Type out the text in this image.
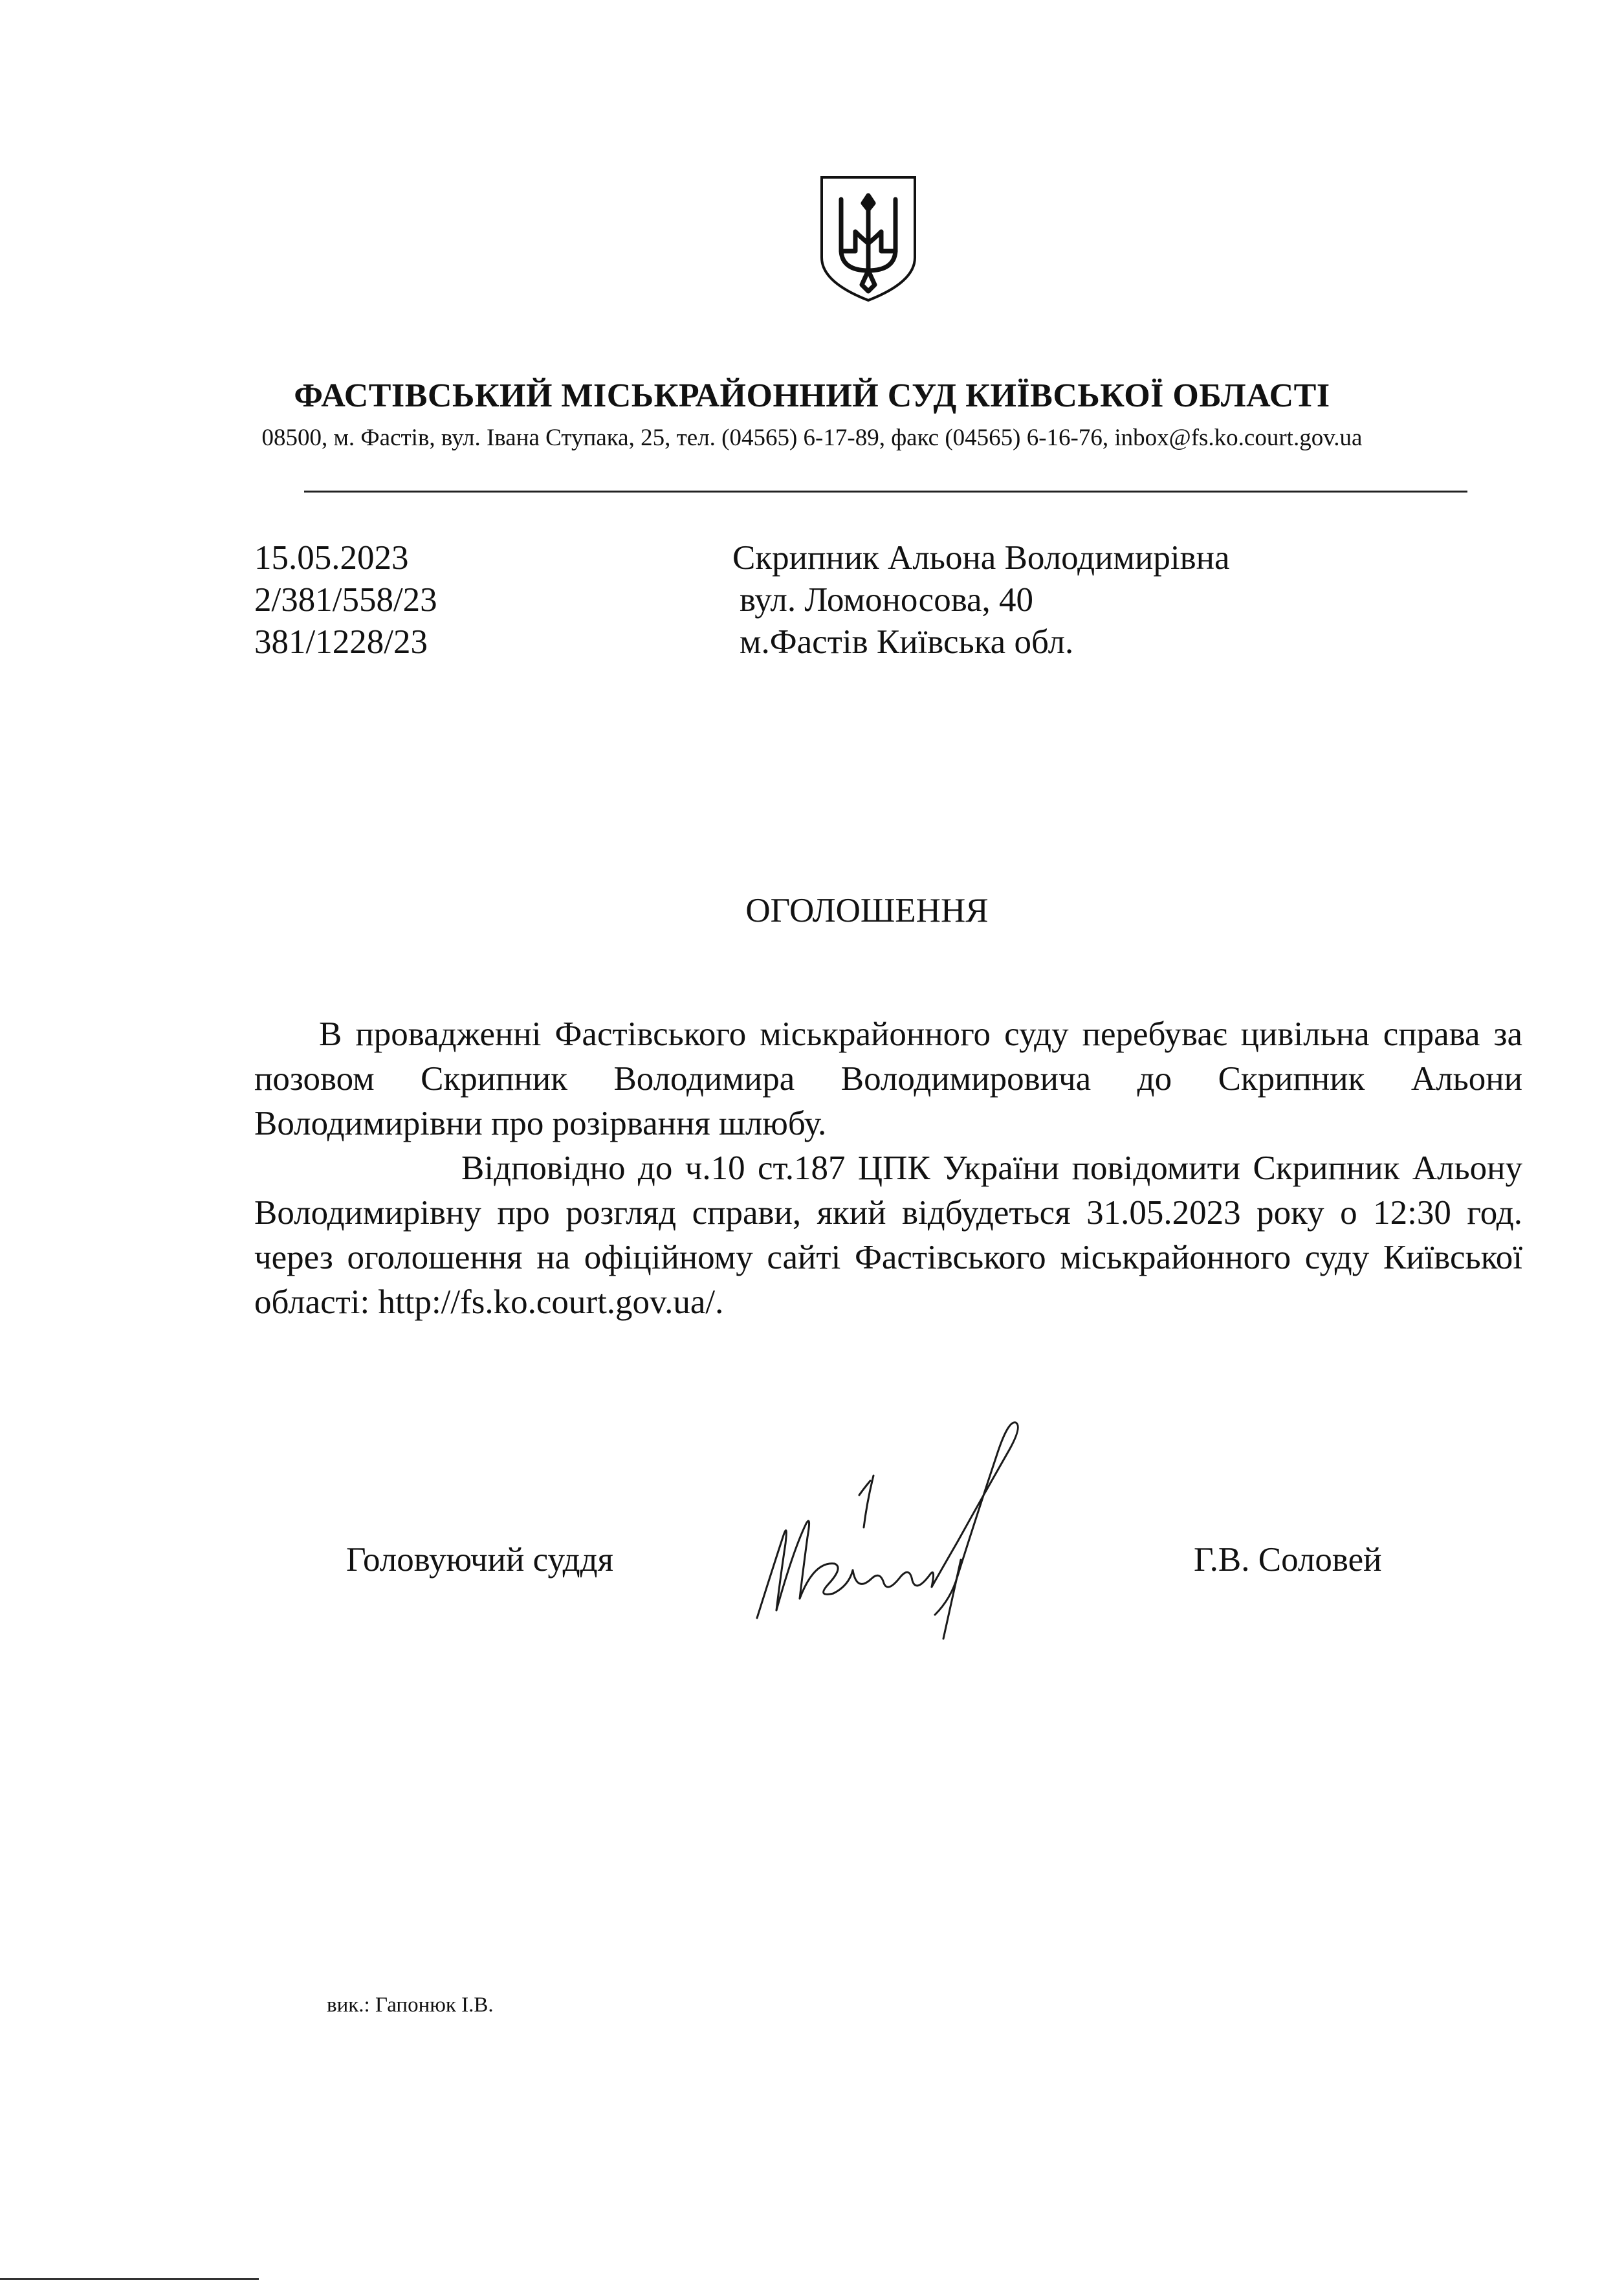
ФАСТІВСЬКИЙ МІСЬКРАЙОННИЙ СУД КИЇВСЬКОЇ ОБЛАСТІ
08500, м. Фастів, вул. Івана Ступака, 25, тел. (04565) 6-17-89, факс (04565) 6-16-76, inbox@fs.ko.court.gov.ua
15.05.2023
2/381/558/23
381/1228/23
Скрипник Альона Володимирівна
вул. Ломоносова, 40
м.Фастів Київська обл.
ОГОЛОШЕННЯ

В провадженні Фастівського міськрайонного суду перебуває цивільна справа за позовом Скрипник Володимира Володимировича до Скрипник Альони Володимирівни про розірвання шлюбу.

Відповідно до ч.10 ст.187 ЦПК України повідомити Скрипник Альону Володимирівну про розгляд справи, який відбудеться 31.05.2023 року о 12:30 год. через оголошення на офіційному сайті Фастівського міськрайонного суду Київської області: http://fs.ko.court.gov.ua/.

Головуючий суддя	Г.В. Соловей
вик.: Гапонюк І.В.
